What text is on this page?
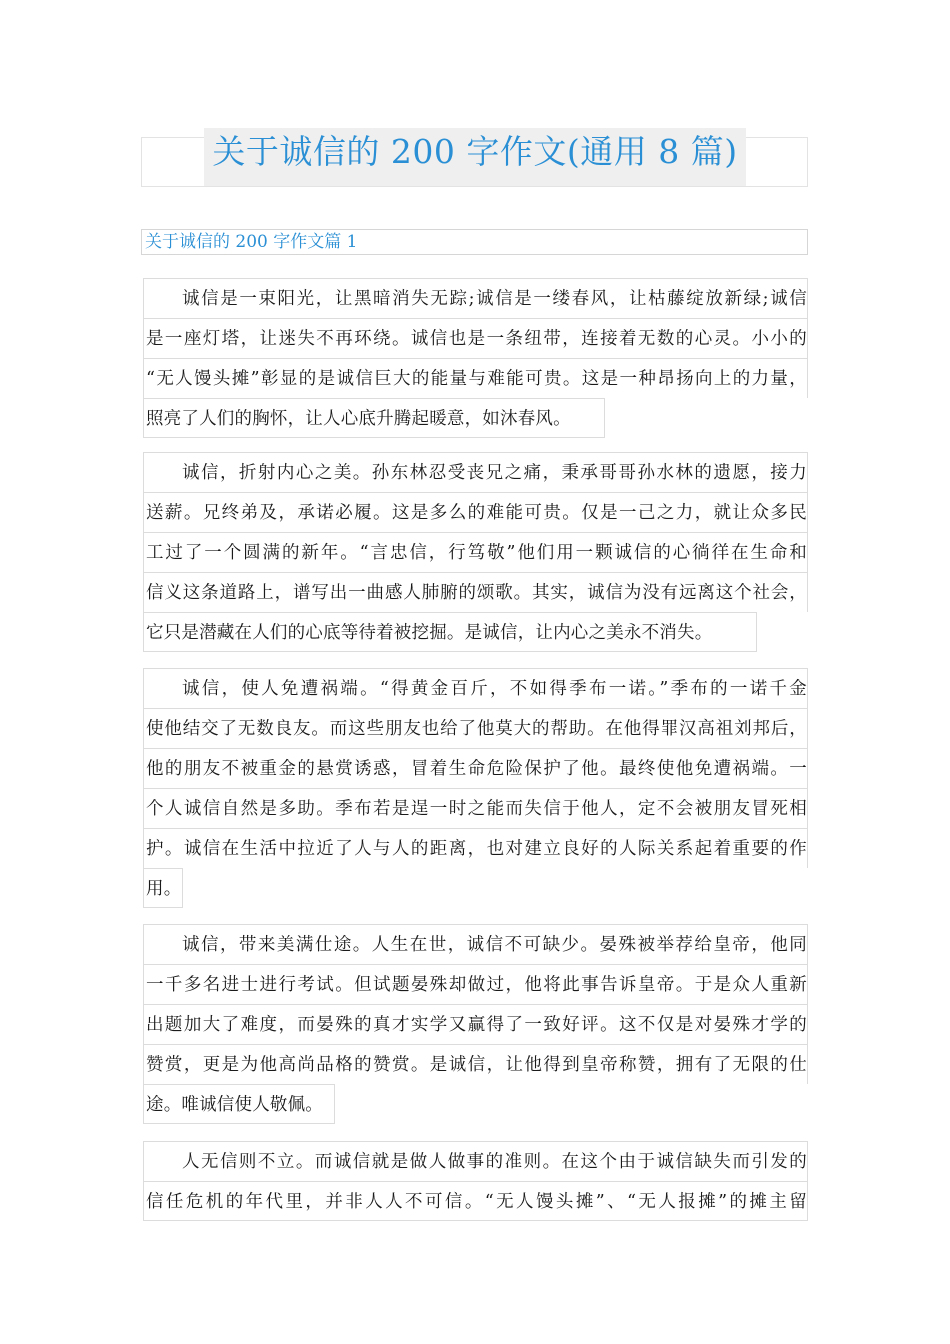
关于诚信的 200 字作文(通用 8 篇)
关于诚信的 200 字作文篇 1
诚信是一束阳光，让黑暗消失无踪;诚信是一缕春风，让枯藤绽放新绿;诚信
是一座灯塔，让迷失不再环绕。诚信也是一条纽带，连接着无数的心灵。小小的
“无人馒头摊”彰显的是诚信巨大的能量与难能可贵。这是一种昂扬向上的力量，
照亮了人们的胸怀，让人心底升腾起暖意，如沐春风。
诚信，折射内心之美。孙东林忍受丧兄之痛，秉承哥哥孙水林的遗愿，接力
送薪。兄终弟及，承诺必履。这是多么的难能可贵。仅是一己之力，就让众多民
工过了一个圆满的新年。“言忠信，行笃敬”他们用一颗诚信的心徜徉在生命和
信义这条道路上，谱写出一曲感人肺腑的颂歌。其实，诚信为没有远离这个社会，
它只是潜藏在人们的心底等待着被挖掘。是诚信，让内心之美永不消失。
诚信，使人免遭祸端。“得黄金百斤，不如得季布一诺。”季布的一诺千金
使他结交了无数良友。而这些朋友也给了他莫大的帮助。在他得罪汉高祖刘邦后，
他的朋友不被重金的悬赏诱惑，冒着生命危险保护了他。最终使他免遭祸端。一
个人诚信自然是多助。季布若是逞一时之能而失信于他人，定不会被朋友冒死相
护。诚信在生活中拉近了人与人的距离，也对建立良好的人际关系起着重要的作
用。
诚信，带来美满仕途。人生在世，诚信不可缺少。晏殊被举荐给皇帝，他同
一千多名进士进行考试。但试题晏殊却做过，他将此事告诉皇帝。于是众人重新
出题加大了难度，而晏殊的真才实学又赢得了一致好评。这不仅是对晏殊才学的
赞赏，更是为他高尚品格的赞赏。是诚信，让他得到皇帝称赞，拥有了无限的仕
途。唯诚信使人敬佩。
人无信则不立。而诚信就是做人做事的准则。在这个由于诚信缺失而引发的
信任危机的年代里，并非人人不可信。“无人馒头摊”、“无人报摊”的摊主留
